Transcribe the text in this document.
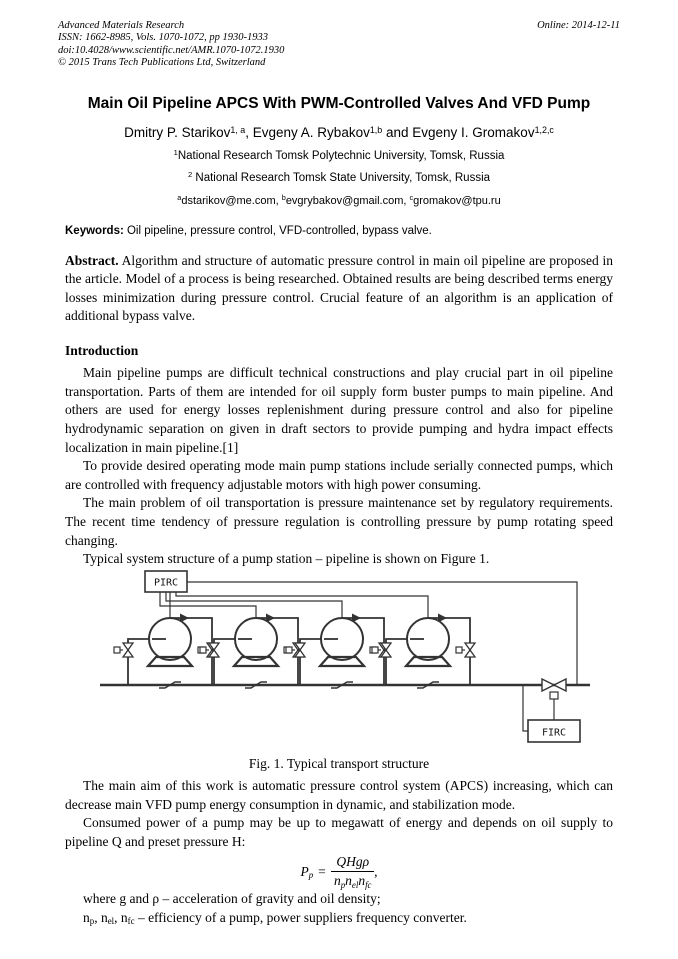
Advanced Materials Research
ISSN: 1662-8985, Vols. 1070-1072, pp 1930-1933
doi:10.4028/www.scientific.net/AMR.1070-1072.1930
© 2015 Trans Tech Publications Ltd, Switzerland
Online: 2014-12-11
Main Oil Pipeline APCS With PWM-Controlled Valves And VFD Pump
Dmitry P. Starikov$^{1, a}$, Evgeny A. Rybakov$^{1,b}$ and Evgeny I. Gromakov$^{1,2,c}$
$^1$National Research Tomsk Polytechnic University, Tomsk, Russia
$^2$ National Research Tomsk State University, Tomsk, Russia
$^a$dstarikov@me.com, $^b$evgrybakov@gmail.com, $^c$gromakov@tpu.ru
Keywords: Oil pipeline, pressure control, VFD-controlled, bypass valve.
Abstract. Algorithm and structure of automatic pressure control in main oil pipeline are proposed in the article. Model of a process is being researched. Obtained results are being described terms energy losses minimization during pressure control. Crucial feature of an algorithm is an application of additional bypass valve.
Introduction

Main pipeline pumps are difficult technical constructions and play crucial part in oil pipeline transportation. Parts of them are intended for oil supply form buster pumps to main pipeline. And others are used for energy losses replenishment during pressure control and also for pipeline hydrodynamic separation on given in draft sectors to provide pumping and hydra impact effects localization in main pipeline.[1]

To provide desired operating mode main pump stations include serially connected pumps, which are controlled with frequency adjustable motors with high power consuming.

The main problem of oil transportation is pressure maintenance set by regulatory requirements. The recent time tendency of pressure regulation is controlling pressure by pump rotating speed changing.

Typical system structure of a pump station – pipeline is shown on Figure 1.

PIRC
FIRC
Fig. 1. Typical transport structure

The main aim of this work is automatic pressure control system (APCS) increasing, which can decrease main VFD pump energy consumption in dynamic, and stabilization mode.

Consumed power of a pump may be up to megawatt of energy and depends on oil supply to pipeline Q and preset pressure H:

$Pp = \frac{\text{QHgρ}}{\text{npnelnfc}}$ ,

where g and ρ – acceleration of gravity and oil density;

np, nel, nfc – efficiency of a pump, power suppliers frequency converter.
